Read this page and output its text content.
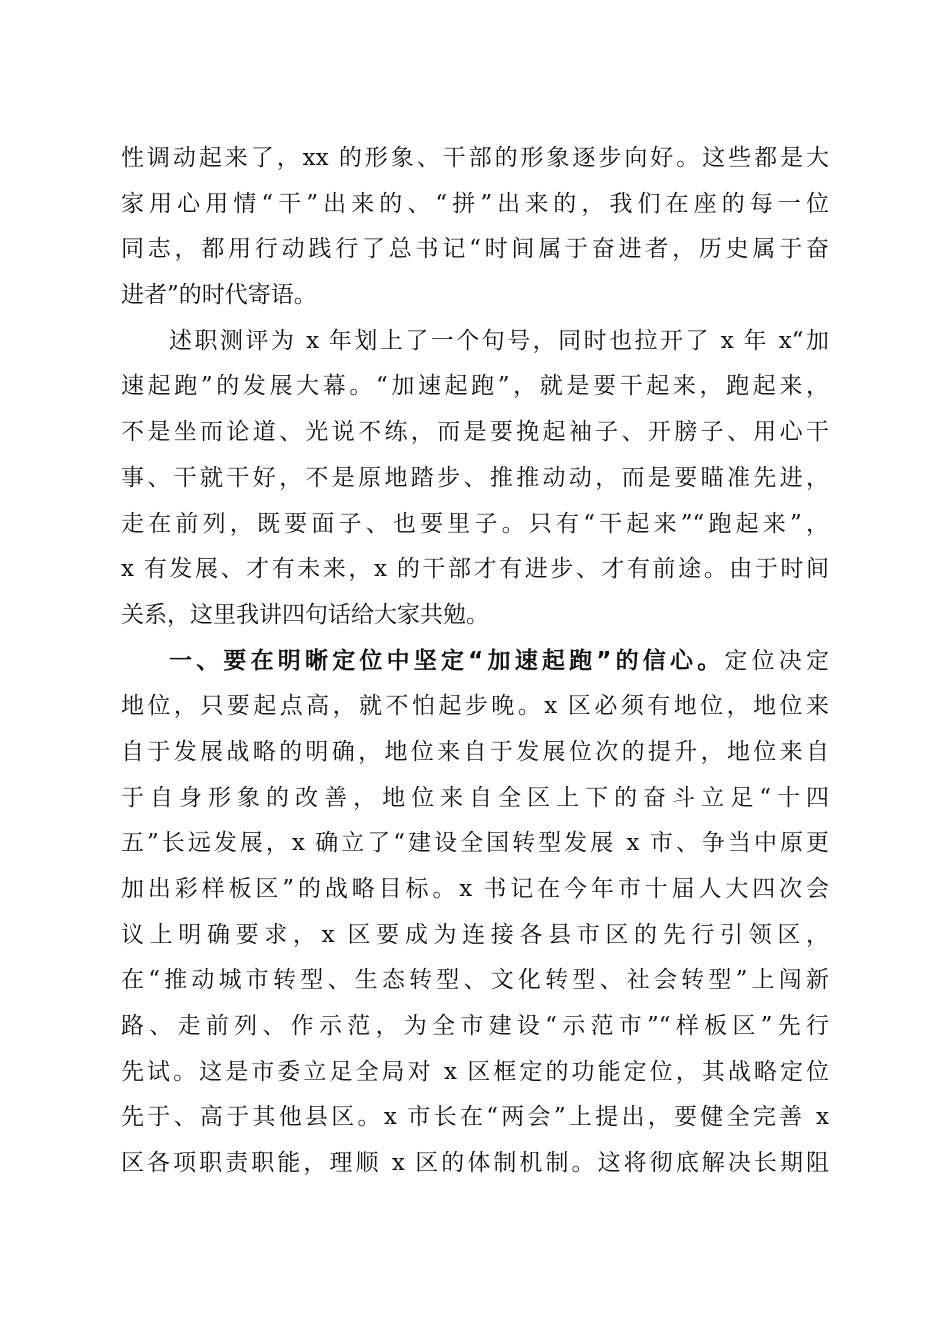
性调动起来了，xx 的形象、干部的形象逐步向好。这些都是大
家用心用情“干”出来的、“拼”出来的，我们在座的每一位
同志，都用行动践行了总书记“时间属于奋进者，历史属于奋
进者”的时代寄语。
述职测评为 x 年划上了一个句号，同时也拉开了 x 年 x“加
速起跑”的发展大幕。“加速起跑”，就是要干起来，跑起来，
不是坐而论道、光说不练，而是要挽起袖子、开膀子、用心干
事、干就干好，不是原地踏步、推推动动，而是要瞄准先进，
走在前列，既要面子、也要里子。只有“干起来”“跑起来”，
x 有发展、才有未来，x 的干部才有进步、才有前途。由于时间
关系，这里我讲四句话给大家共勉。
一、要在明晰定位中坚定“加速起跑”的信心。定位决定
地位，只要起点高，就不怕起步晚。x 区必须有地位，地位来
自于发展战略的明确，地位来自于发展位次的提升，地位来自
于自身形象的改善，地位来自全区上下的奋斗立足“十四
五”长远发展，x 确立了“建设全国转型发展 x 市、争当中原更
加出彩样板区”的战略目标。x 书记在今年市十届人大四次会
议上明确要求，x 区要成为连接各县市区的先行引领区，
在“推动城市转型、生态转型、文化转型、社会转型”上闯新
路、走前列、作示范，为全市建设“示范市”“样板区”先行
先试。这是市委立足全局对 x 区框定的功能定位，其战略定位
先于、高于其他县区。x 市长在“两会”上提出，要健全完善 x
区各项职责职能，理顺 x 区的体制机制。这将彻底解决长期阻
